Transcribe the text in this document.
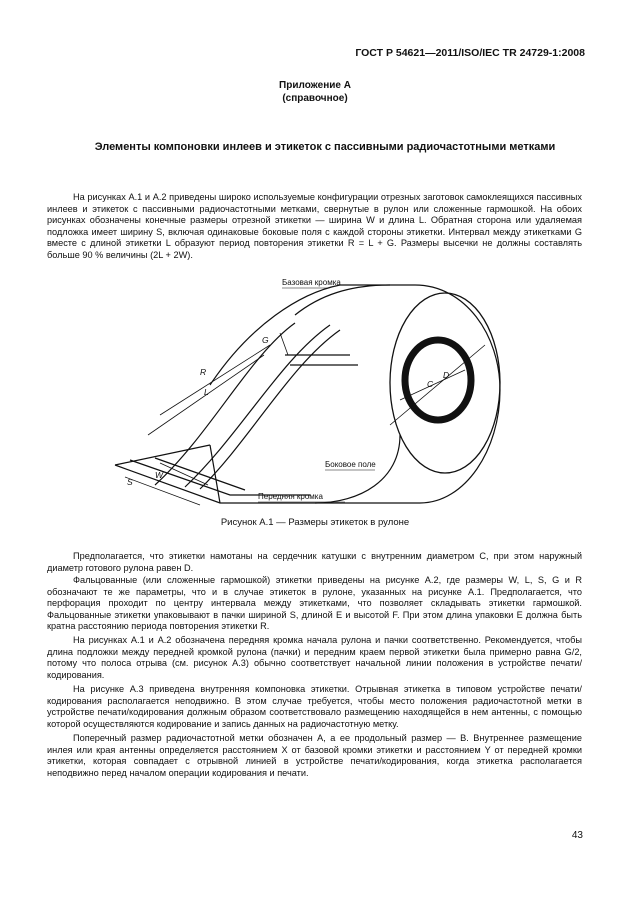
ГОСТ Р 54621—2011/ISO/IEC TR 24729-1:2008
Приложение А
(справочное)
Элементы компоновки инлеев и этикеток с пассивными радиочастотными метками

На рисунках А.1 и А.2 приведены широко используемые конфигурации отрезных заготовок самоклеящихся пассивных инлеев и этикеток с пассивными радиочастотными метками, свернутые в рулон или сложенные гармошкой. На обоих рисунках обозначены конечные размеры отрезной этикетки — ширина W и длина L. Обратная сторона или удаляемая подложка имеет ширину S, включая одинаковые боковые поля с каждой стороны этикетки. Интервал между этикетками G вместе с длиной этикетки L образуют период повторения этикетки R = L + G. Размеры высечки не должны составлять больше 90 % величины (2L + 2W).

R
L
G
S
W
C
D
Базовая кромка
Боковое поле
Передняя кромка
Рисунок А.1 — Размеры этикеток в рулоне

Предполагается, что этикетки намотаны на сердечник катушки с внутренним диаметром С, при этом наружный диаметр готового рулона равен D.

Фальцованные (или сложенные гармошкой) этикетки приведены на рисунке А.2, где размеры W, L, S, G и R обозначают те же параметры, что и в случае этикеток в рулоне, указанных на рисунке А.1. Предполагается, что перфорация проходит по центру интервала между этикетками, что позволяет складывать этикетки гармошкой. Фальцованные этикетки упаковывают в пачки шириной S, длиной E и высотой F. При этом длина упаковки E должна быть кратна расстоянию периода повторения этикетки R.

На рисунках А.1 и А.2 обозначена передняя кромка начала рулона и пачки соответственно. Рекомендуется, чтобы длина подложки между передней кромкой рулона (пачки) и передним краем первой этикетки была примерно равна G/2, потому что полоса отрыва (см. рисунок А.3) обычно соответствует начальной линии положения в устройстве печати/кодирования.

На рисунке А.3 приведена внутренняя компоновка этикетки. Отрывная этикетка в типовом устройстве печати/кодирования располагается неподвижно. В этом случае требуется, чтобы место положения радиочастотной метки в устройстве печати/кодирования должным образом соответствовало размещению находящейся в нем антенны, с помощью которой осуществляются кодирование и запись данных на радиочастотную метку.

Поперечный размер радиочастотной метки обозначен А, а ее продольный размер — В. Внутреннее размещение инлея или края антенны определяется расстоянием Х от базовой кромки этикетки и расстоянием Y от передней кромки этикетки, которая совпадает с отрывной линией в устройстве печати/кодирования, когда этикетка располагается неподвижно перед началом операции кодирования и печати.

43
